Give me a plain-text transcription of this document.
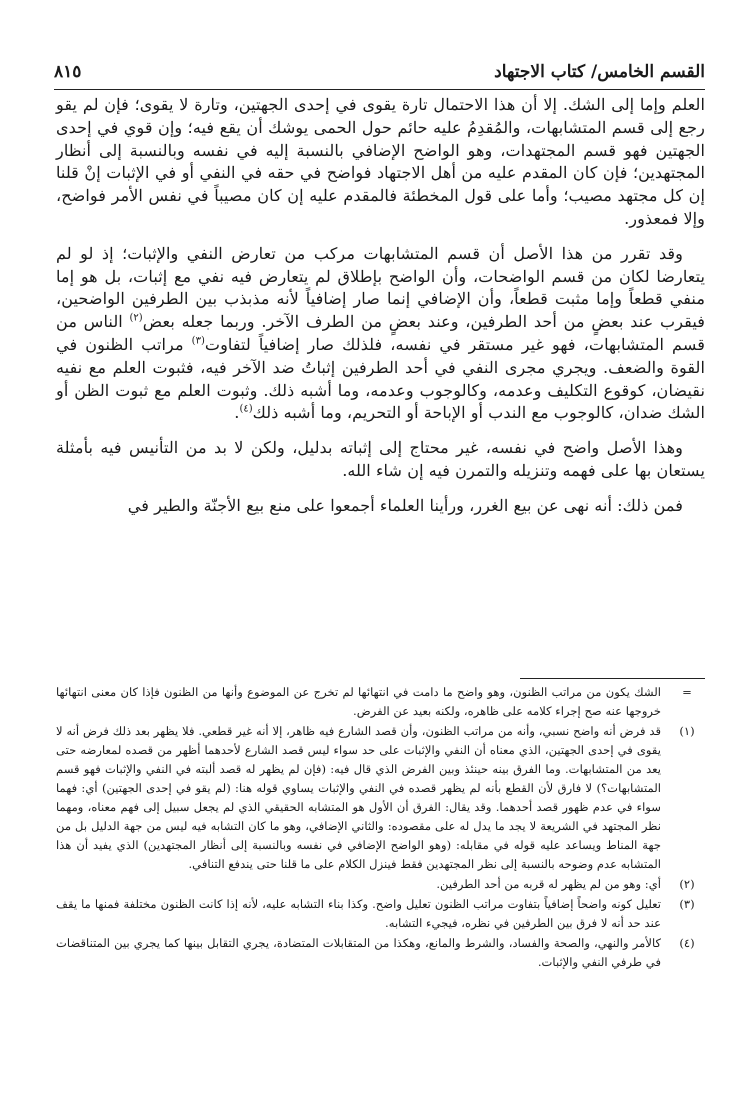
القسم الخامس/ كتاب الاجتهاد
٨١٥

العلم وإما إلى الشك. إلا أن هذا الاحتمال تارة يقوى في إحدى الجهتين، وتارة لا يقوى؛ فإن لم يقو رجع إلى قسم المتشابهات، والمُقدِمُ عليه حائم حول الحمى يوشك أن يقع فيه؛ وإن قوي في إحدى الجهتين فهو قسم المجتهدات، وهو الواضح الإضافي بالنسبة إليه في نفسه وبالنسبة إلى أنظار المجتهدين؛ فإن كان المقدم عليه من أهل الاجتهاد فواضح في حقه في النفي أو في الإثبات إنْ قلنا إن كل مجتهد مصيب؛ وأما على قول المخطئة فالمقدم عليه إن كان مصيباً في نفس الأمر فواضح، وإلا فمعذور.

وقد تقرر من هذا الأصل أن قسم المتشابهات مركب من تعارض النفي والإثبات؛ إذ لو لم يتعارضا لكان من قسم الواضحات، وأن الواضح بإطلاق لم يتعارض فيه نفي مع إثبات، بل هو إما منفي قطعاً وإما مثبت قطعاً، وأن الإضافي إنما صار إضافياً لأنه مذبذب بين الطرفين الواضحين، فيقرب عند بعضٍ من أحد الطرفين، وعند بعضٍ من الطرف الآخر. وربما جعله بعض$^{(٢)}$ الناس من قسم المتشابهات، فهو غير مستقر في نفسه، فلذلك صار إضافياً لتفاوت$^{(٣)}$ مراتب الظنون في القوة والضعف. ويجري مجرى النفي في أحد الطرفين إثباتُ ضد الآخر فيه، فثبوت العلم مع نفيه نقيضان، كوقوع التكليف وعدمه، وكالوجوب وعدمه، وما أشبه ذلك. وثبوت العلم مع ثبوت الظن أو الشك ضدان، كالوجوب مع الندب أو الإباحة أو التحريم، وما أشبه ذلك$^{(٤)}$.

وهذا الأصل واضح في نفسه، غير محتاج إلى إثباته بدليل، ولكن لا بد من التأنيس فيه بأمثلة يستعان بها على فهمه وتنزيله والتمرن فيه إن شاء الله.

فمن ذلك: أنه نهى عن بيع الغرر، ورأينا العلماء أجمعوا على منع بيع الأجنّة والطير في

=
الشك يكون من مراتب الظنون، وهو واضح ما دامت في انتهائها لم تخرج عن الموضوع وأنها من الظنون فإذا كان معنى انتهائها خروجها عنه صح إجراء كلامه على ظاهره، ولكنه بعيد عن الفرض.
(١)
قد فرض أنه واضح نسبي، وأنه من مراتب الظنون، وأن قصد الشارع فيه ظاهر، إلا أنه غير قطعي. فلا يظهر بعد ذلك فرض أنه لا يقوى في إحدى الجهتين، الذي معناه أن النفي والإثبات على حد سواء ليس قصد الشارع لأحدهما أظهر من قصده لمعارضه حتى يعد من المتشابهات. وما الفرق بينه حينئذ وبين الفرض الذي قال فيه: (فإن لم يظهر له قصد ألبته في النفي والإثبات فهو قسم المتشابهات؟) لا فارق لأن القطع بأنه لم يظهر قصده في النفي والإثبات يساوي قوله هنا: (لم يقو في إحدى الجهتين) أي: فهما سواء في عدم ظهور قصد أحدهما. وقد يقال: الفرق أن الأول هو المتشابه الحقيقي الذي لم يجعل سبيل إلى فهم معناه، ومهما نظر المجتهد في الشريعة لا يجد ما يدل له على مقصوده: والثاني الإضافي، وهو ما كان التشابه فيه ليس من جهة الدليل بل من جهة المناط ويساعد عليه قوله في مقابله: (وهو الواضح الإضافي في نفسه وبالنسبة إلى أنظار المجتهدين) الذي يفيد أن هذا المتشابه عدم وضوحه بالنسبة إلى نظر المجتهدين فقط فينزل الكلام على ما قلنا حتى يندفع التنافي.
(٢)
أي: وهو من لم يظهر له قربه من أحد الطرفين.
(٣)
تعليل كونه واضحاً إضافياً بتفاوت مراتب الظنون تعليل واضح. وكذا بناء التشابه عليه، لأنه إذا كانت الظنون مختلفة فمنها ما يقف عند حد أنه لا فرق بين الطرفين في نظره، فيجيء التشابه.
(٤)
كالأمر والنهي، والصحة والفساد، والشرط والمانع، وهكذا من المتقابلات المتضادة، يجري التقابل بينها كما يجري بين المتناقضات في طرفي النفي والإثبات.
